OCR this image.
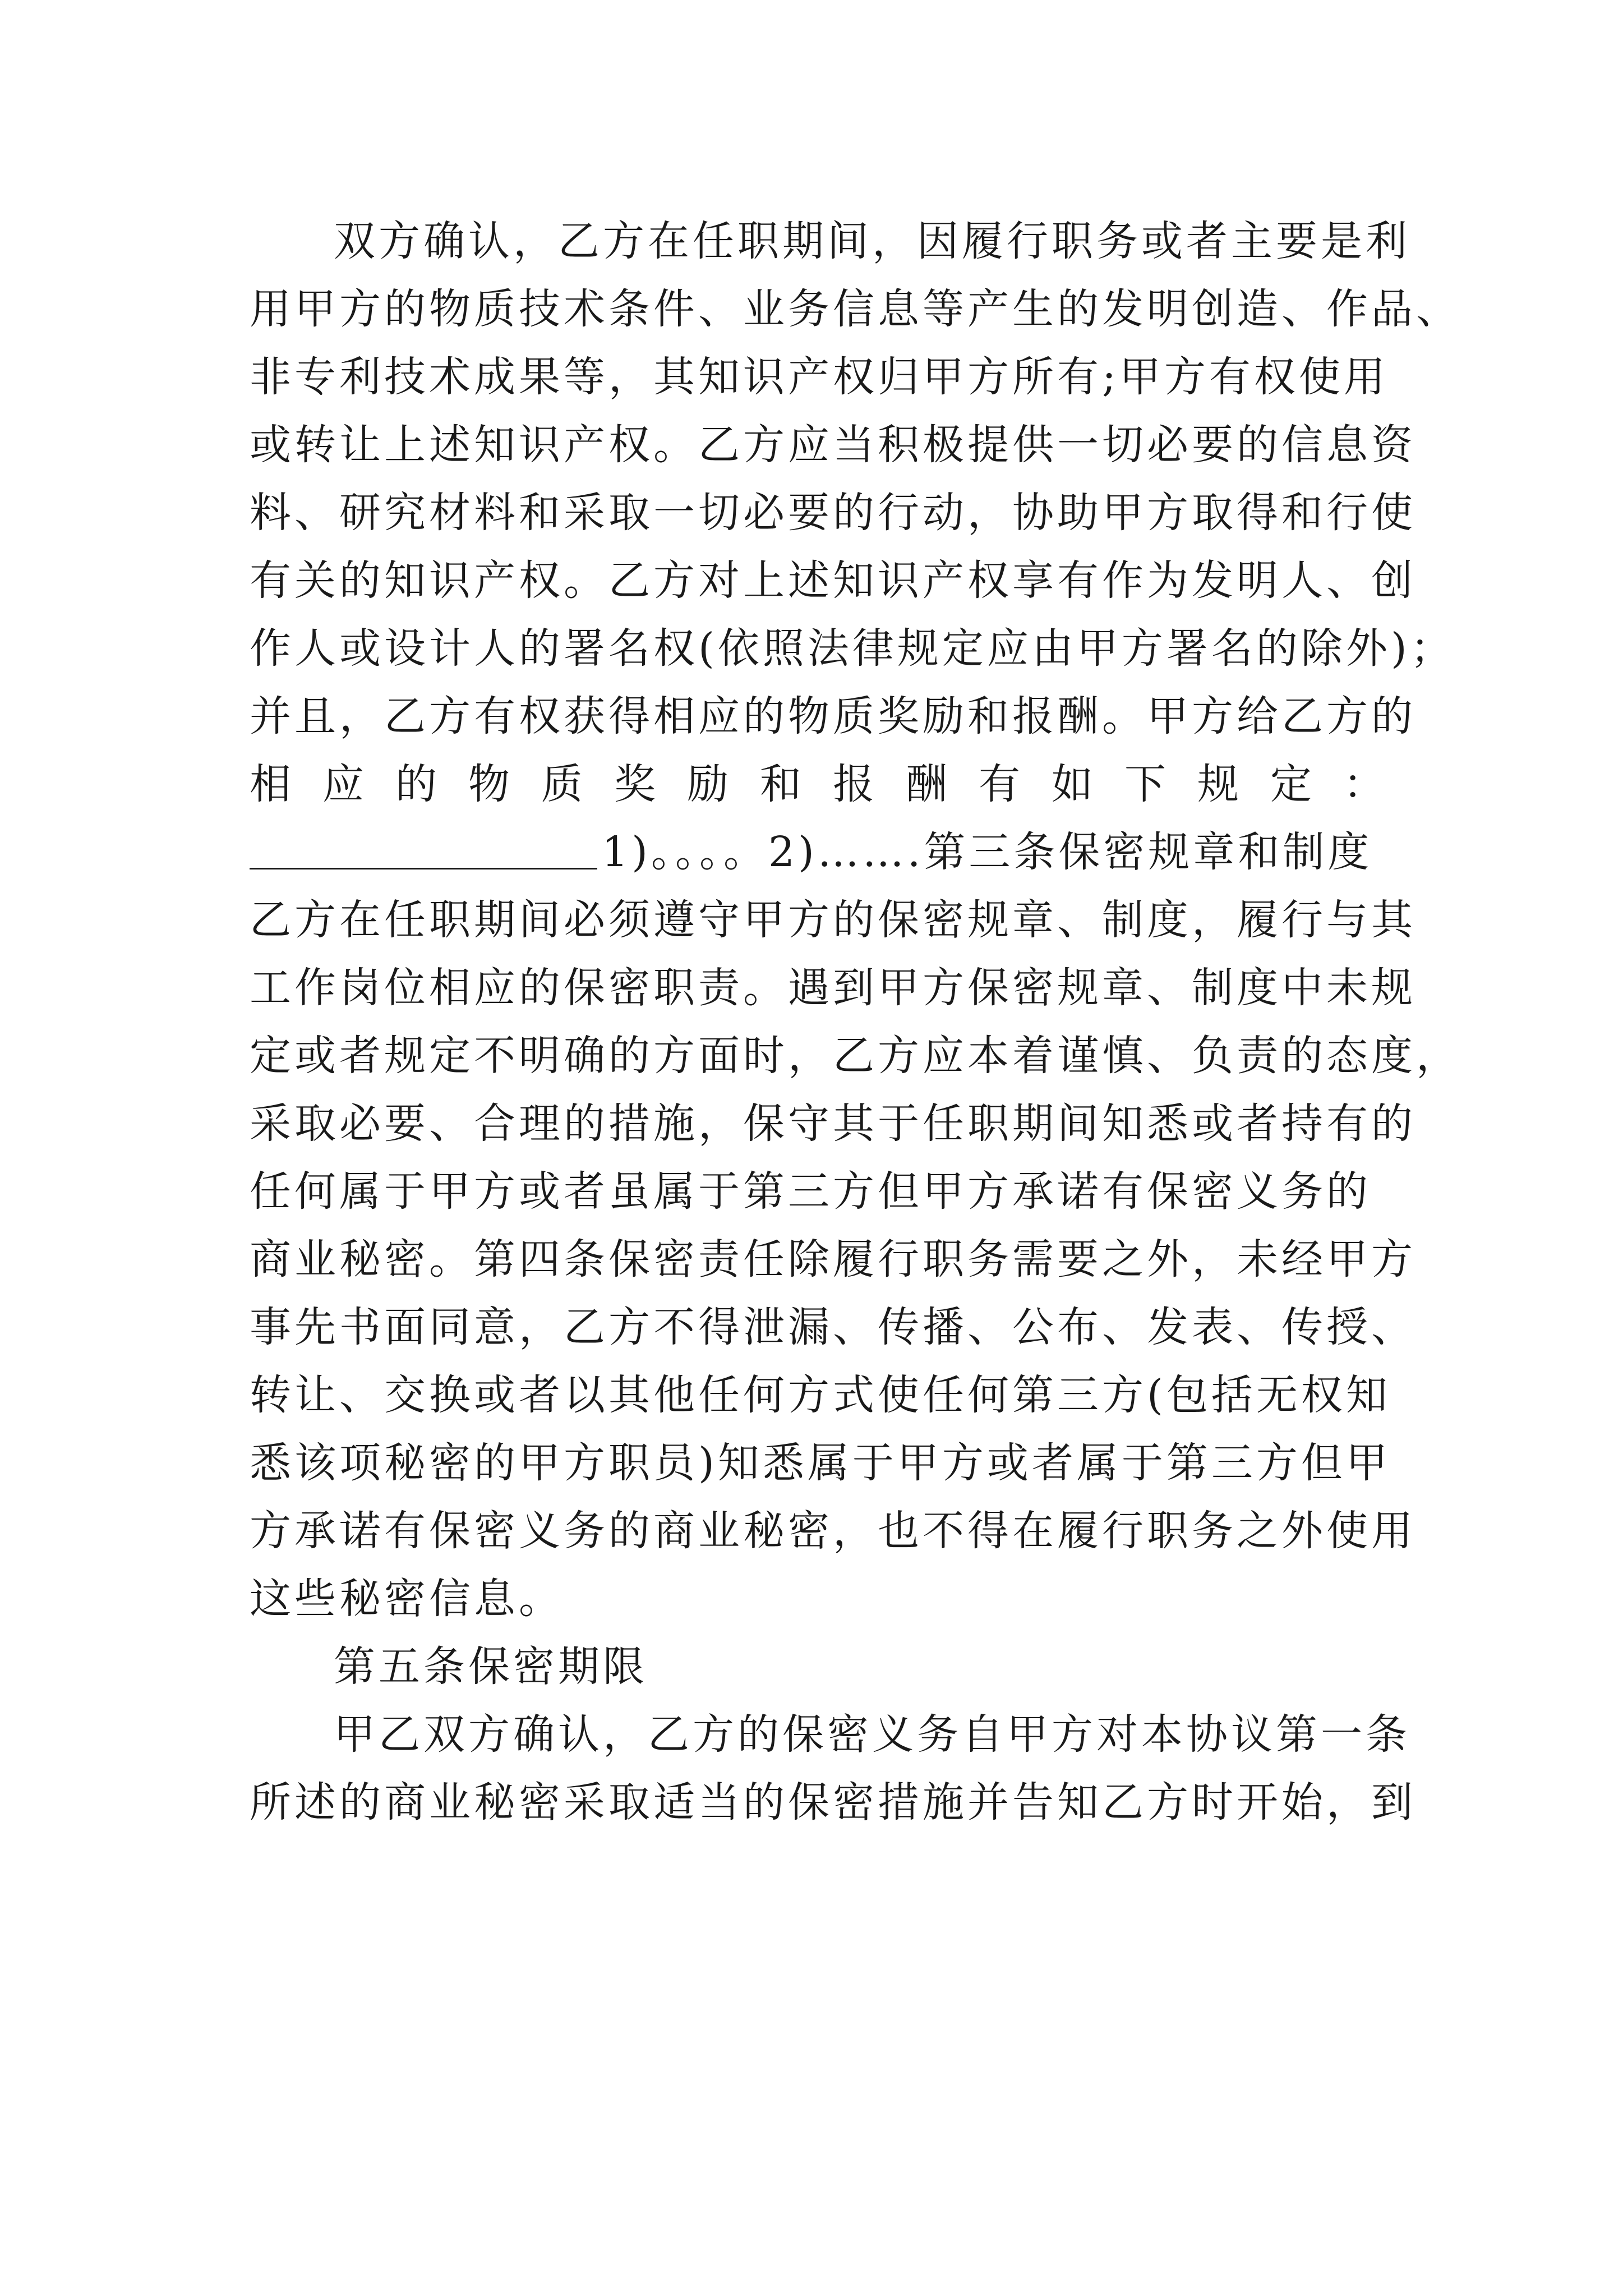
双方确认，乙方在任职期间，因履行职务或者主要是利
用甲方的物质技术条件、业务信息等产生的发明创造、作品、
非专利技术成果等，其知识产权归甲方所有;甲方有权使用
或转让上述知识产权。乙方应当积极提供一切必要的信息资
料、研究材料和采取一切必要的行动，协助甲方取得和行使
有关的知识产权。乙方对上述知识产权享有作为发明人、创
作人或设计人的署名权(依照法律规定应由甲方署名的除外)；
并且，乙方有权获得相应的物质奖励和报酬。甲方给乙方的
相应的物质奖励和报酬有如下规定：
1)。。。。2)…….第三条保密规章和制度
乙方在任职期间必须遵守甲方的保密规章、制度，履行与其
工作岗位相应的保密职责。遇到甲方保密规章、制度中未规
定或者规定不明确的方面时，乙方应本着谨慎、负责的态度，
采取必要、合理的措施，保守其于任职期间知悉或者持有的
任何属于甲方或者虽属于第三方但甲方承诺有保密义务的
商业秘密。第四条保密责任除履行职务需要之外，未经甲方
事先书面同意，乙方不得泄漏、传播、公布、发表、传授、
转让、交换或者以其他任何方式使任何第三方(包括无权知
悉该项秘密的甲方职员)知悉属于甲方或者属于第三方但甲
方承诺有保密义务的商业秘密，也不得在履行职务之外使用
这些秘密信息。
第五条保密期限
甲乙双方确认，乙方的保密义务自甲方对本协议第一条
所述的商业秘密采取适当的保密措施并告知乙方时开始，到
